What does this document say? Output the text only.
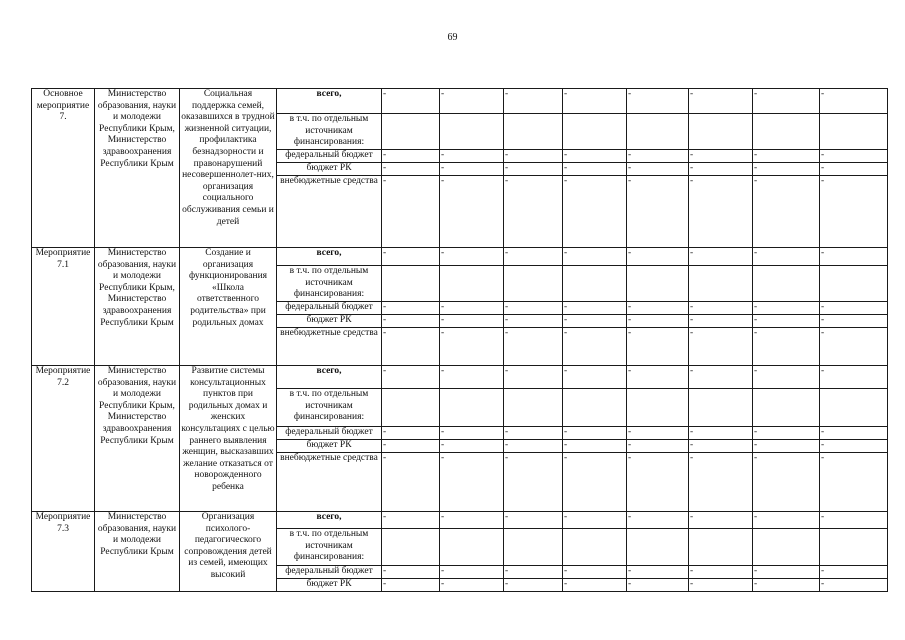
69
Основное мероприятие 7.	Министерство образования, науки и молодежи Республики Крым, Министерство здравоохранения Республики Крым	Социальная поддержка семей, оказавшихся в трудной жизненной ситуации, профилактика безнадзорности и правонарушений несовершеннолет-них, организация социального обслуживания семьи и детей	всего,	-	-	-	-	-	-	-	-
			в т.ч. по отдельным источникам финансирования:								
			федеральный бюджет	-	-	-	-	-	-	-	-
			бюджет РК	-	-	-	-	-	-	-	-
			внебюджетные средства	-	-	-	-	-	-	-	-
Мероприятие 7.1	Министерство образования, науки и молодежи Республики Крым, Министерство здравоохранения Республики Крым	Создание и организация функционирования «Школа ответственного родительства» при родильных домах	всего,	-	-	-	-	-	-	-	-
			в т.ч. по отдельным источникам финансирования:								
			федеральный бюджет	-	-	-	-	-	-	-	-
			бюджет РК	-	-	-	-	-	-	-	-
			внебюджетные средства	-	-	-	-	-	-	-	-
Мероприятие 7.2	Министерство образования, науки и молодежи Республики Крым, Министерство здравоохранения Республики Крым	Развитие системы консультационных пунктов при родильных домах и женских консультациях с целью раннего выявления женщин, высказавших желание отказаться от новорожденного ребенка	всего,	-	-	-	-	-	-	-	-
			в т.ч. по отдельным источникам финансирования:								
			федеральный бюджет	-	-	-	-	-	-	-	-
			бюджет РК	-	-	-	-	-	-	-	-
			внебюджетные средства	-	-	-	-	-	-	-	-
Мероприятие 7.3	Министерство образования, науки и молодежи Республики Крым	Организация психолого-педагогического сопровождения детей из семей, имеющих высокий	всего,	-	-	-	-	-	-	-	-
			в т.ч. по отдельным источникам финансирования:								
			федеральный бюджет	-	-	-	-	-	-	-	-
			бюджет РК	-	-	-	-	-	-	-	-
